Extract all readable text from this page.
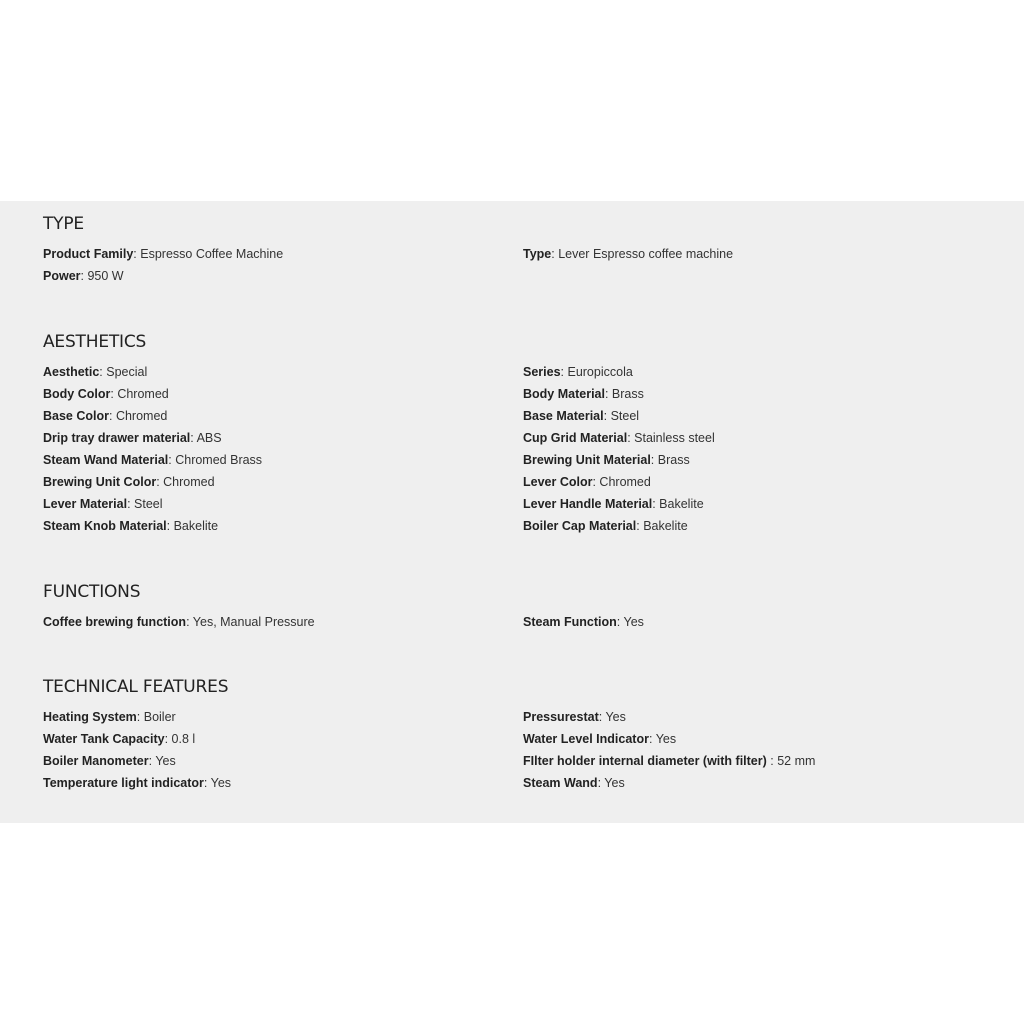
TYPE
Product Family: Espresso Coffee Machine
Power: 950 W
Type: Lever Espresso coffee machine
AESTHETICS
Aesthetic: Special
Body Color: Chromed
Base Color: Chromed
Drip tray drawer material: ABS
Steam Wand Material: Chromed Brass
Brewing Unit Color: Chromed
Lever Material: Steel
Steam Knob Material: Bakelite
Series: Europiccola
Body Material: Brass
Base Material: Steel
Cup Grid Material: Stainless steel
Brewing Unit Material: Brass
Lever Color: Chromed
Lever Handle Material: Bakelite
Boiler Cap Material: Bakelite
FUNCTIONS
Coffee brewing function: Yes, Manual Pressure	Steam Function: Yes
TECHNICAL FEATURES
Heating System: Boiler
Water Tank Capacity: 0.8 l
Boiler Manometer: Yes
Temperature light indicator: Yes
Pressurestat: Yes
Water Level Indicator: Yes
FIlter holder internal diameter (with filter) : 52 mm
Steam Wand: Yes
